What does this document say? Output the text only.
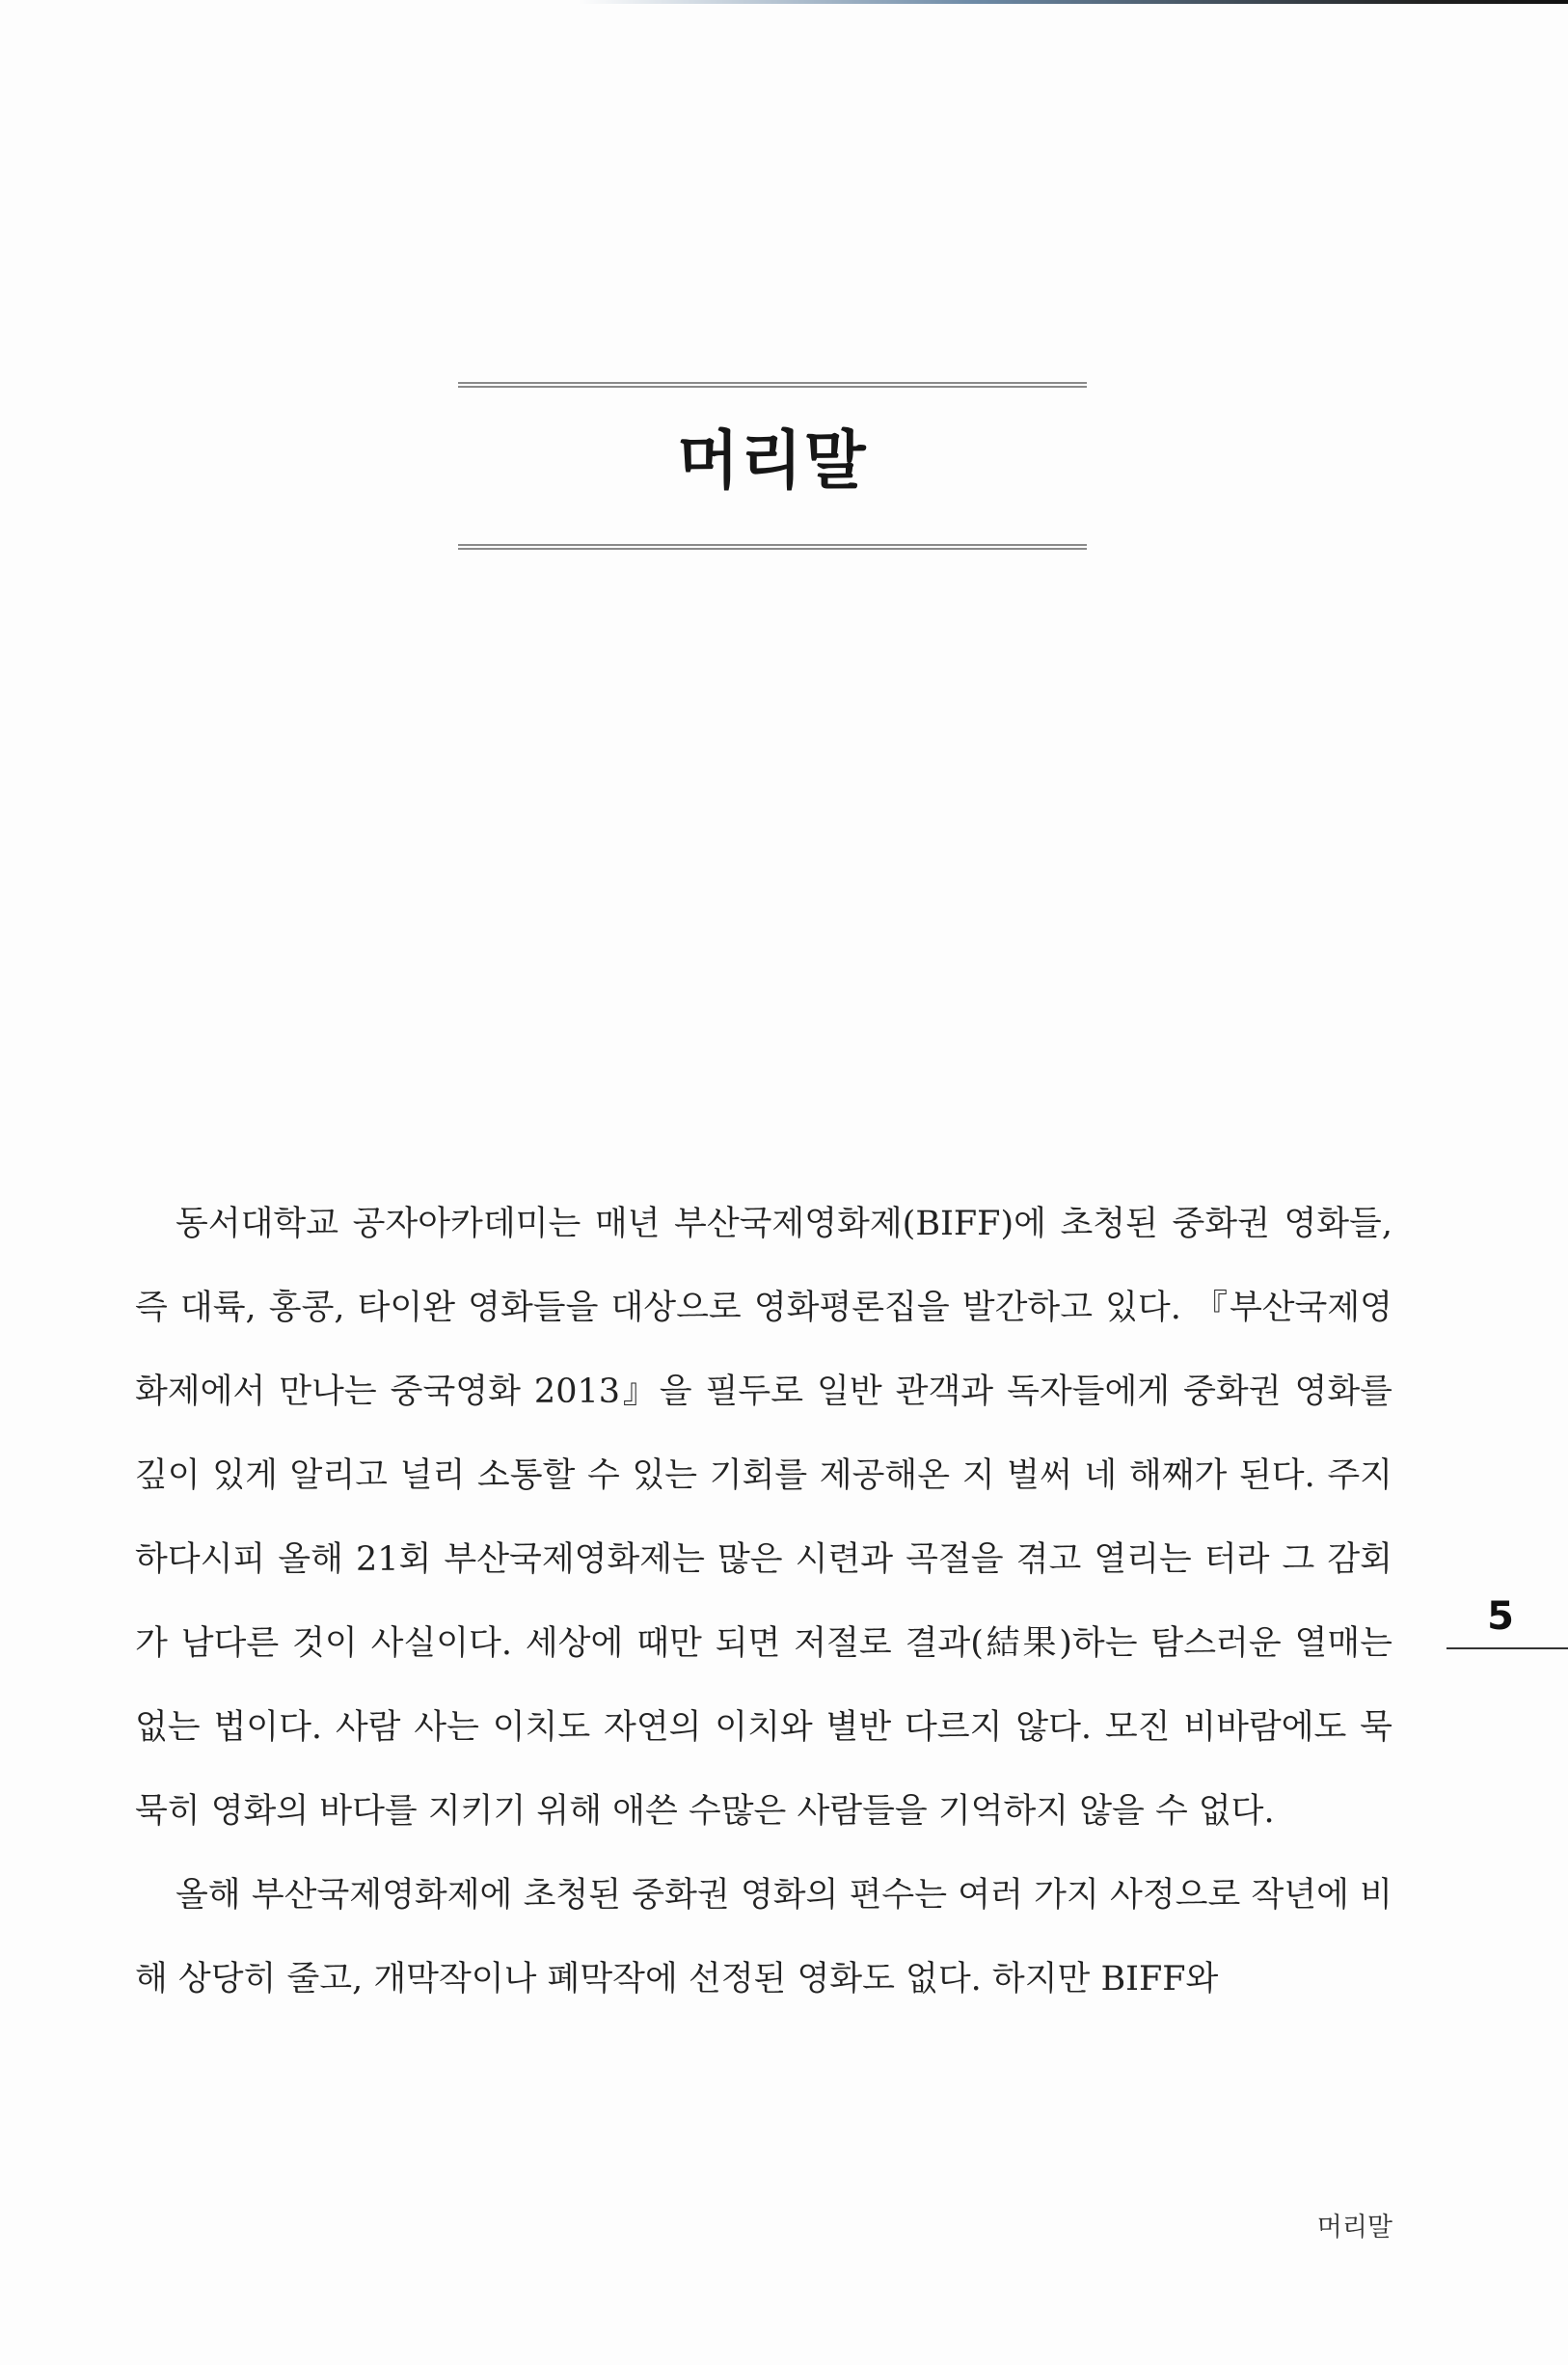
머리말

동서대학교 공자아카데미는 매년 부산국제영화제(BIFF)에 초청된 중화권 영화들, 즉 대륙, 홍콩, 타이완 영화들을 대상으로 영화평론집을 발간하고 있다. 『부산국제영화제에서 만나는 중국영화 2013』을 필두로 일반 관객과 독자들에게 중화권 영화를 깊이 있게 알리고 널리 소통할 수 있는 기회를 제공해온 지 벌써 네 해째가 된다. 주지하다시피 올해 21회 부산국제영화제는 많은 시련과 곡절을 겪고 열리는 터라 그 감회가 남다른 것이 사실이다. 세상에 때만 되면 저절로 결과(結果)하는 탐스러운 열매는 없는 법이다. 사람 사는 이치도 자연의 이치와 별반 다르지 않다. 모진 비바람에도 묵묵히 영화의 바다를 지키기 위해 애쓴 수많은 사람들을 기억하지 않을 수 없다.

올해 부산국제영화제에 초청된 중화권 영화의 편수는 여러 가지 사정으로 작년에 비해 상당히 줄고, 개막작이나 폐막작에 선정된 영화도 없다. 하지만 BIFF와

5
머리말
